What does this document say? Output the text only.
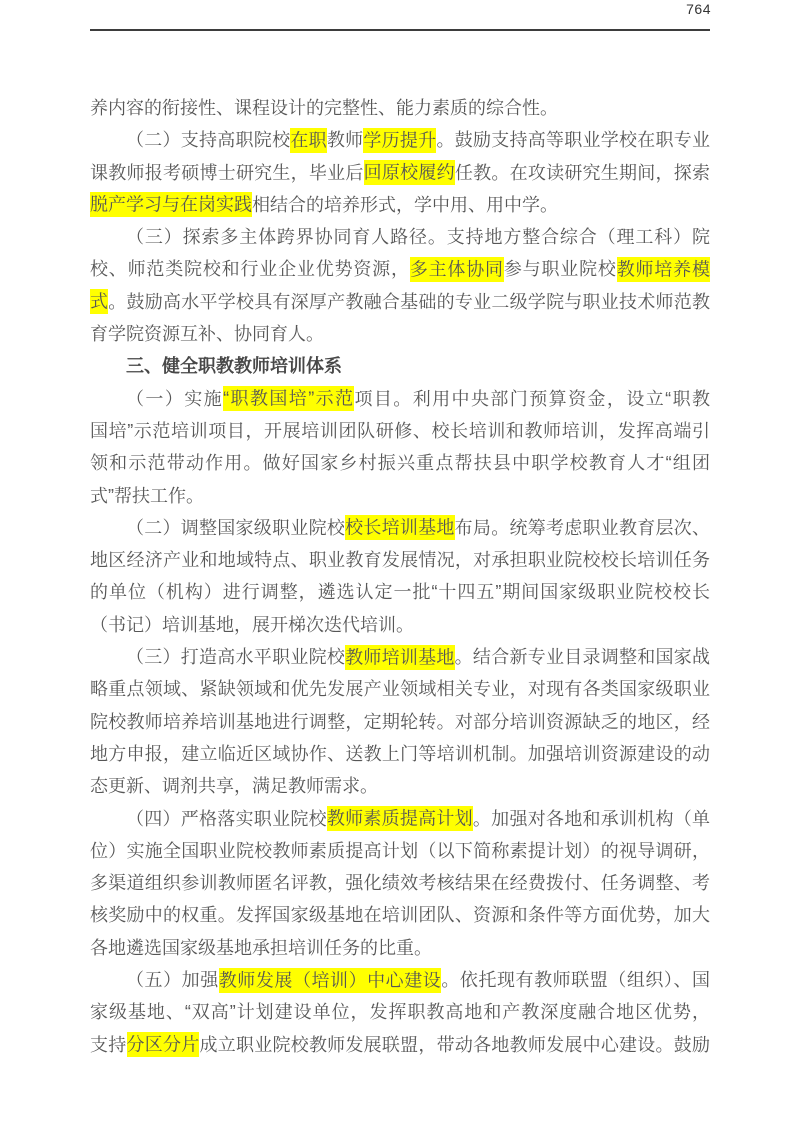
764
养内容的衔接性、课程设计的完整性、能力素质的综合性。
（二）支持高职院校在职教师学历提升。鼓励支持高等职业学校在职专业
课教师报考硕博士研究生，毕业后回原校履约任教。在攻读研究生期间，探索
脱产学习与在岗实践相结合的培养形式，学中用、用中学。
（三）探索多主体跨界协同育人路径。支持地方整合综合（理工科）院
校、师范类院校和行业企业优势资源，多主体协同参与职业院校教师培养模
式。鼓励高水平学校具有深厚产教融合基础的专业二级学院与职业技术师范教
育学院资源互补、协同育人。
三、健全职教教师培训体系
（一）实施“职教国培”示范项目。利用中央部门预算资金，设立“职教
国培”示范培训项目，开展培训团队研修、校长培训和教师培训，发挥高端引
领和示范带动作用。做好国家乡村振兴重点帮扶县中职学校教育人才“组团
式”帮扶工作。
（二）调整国家级职业院校校长培训基地布局。统筹考虑职业教育层次、
地区经济产业和地域特点、职业教育发展情况，对承担职业院校校长培训任务
的单位（机构）进行调整，遴选认定一批“十四五”期间国家级职业院校校长
（书记）培训基地，展开梯次迭代培训。
（三）打造高水平职业院校教师培训基地。结合新专业目录调整和国家战
略重点领域、紧缺领域和优先发展产业领域相关专业，对现有各类国家级职业
院校教师培养培训基地进行调整，定期轮转。对部分培训资源缺乏的地区，经
地方申报，建立临近区域协作、送教上门等培训机制。加强培训资源建设的动
态更新、调剂共享，满足教师需求。
（四）严格落实职业院校教师素质提高计划。加强对各地和承训机构（单
位）实施全国职业院校教师素质提高计划（以下简称素提计划）的视导调研，
多渠道组织参训教师匿名评教，强化绩效考核结果在经费拨付、任务调整、考
核奖励中的权重。发挥国家级基地在培训团队、资源和条件等方面优势，加大
各地遴选国家级基地承担培训任务的比重。
（五）加强教师发展（培训）中心建设。依托现有教师联盟（组织）、国
家级基地、“双高”计划建设单位，发挥职教高地和产教深度融合地区优势，
支持分区分片成立职业院校教师发展联盟，带动各地教师发展中心建设。鼓励
